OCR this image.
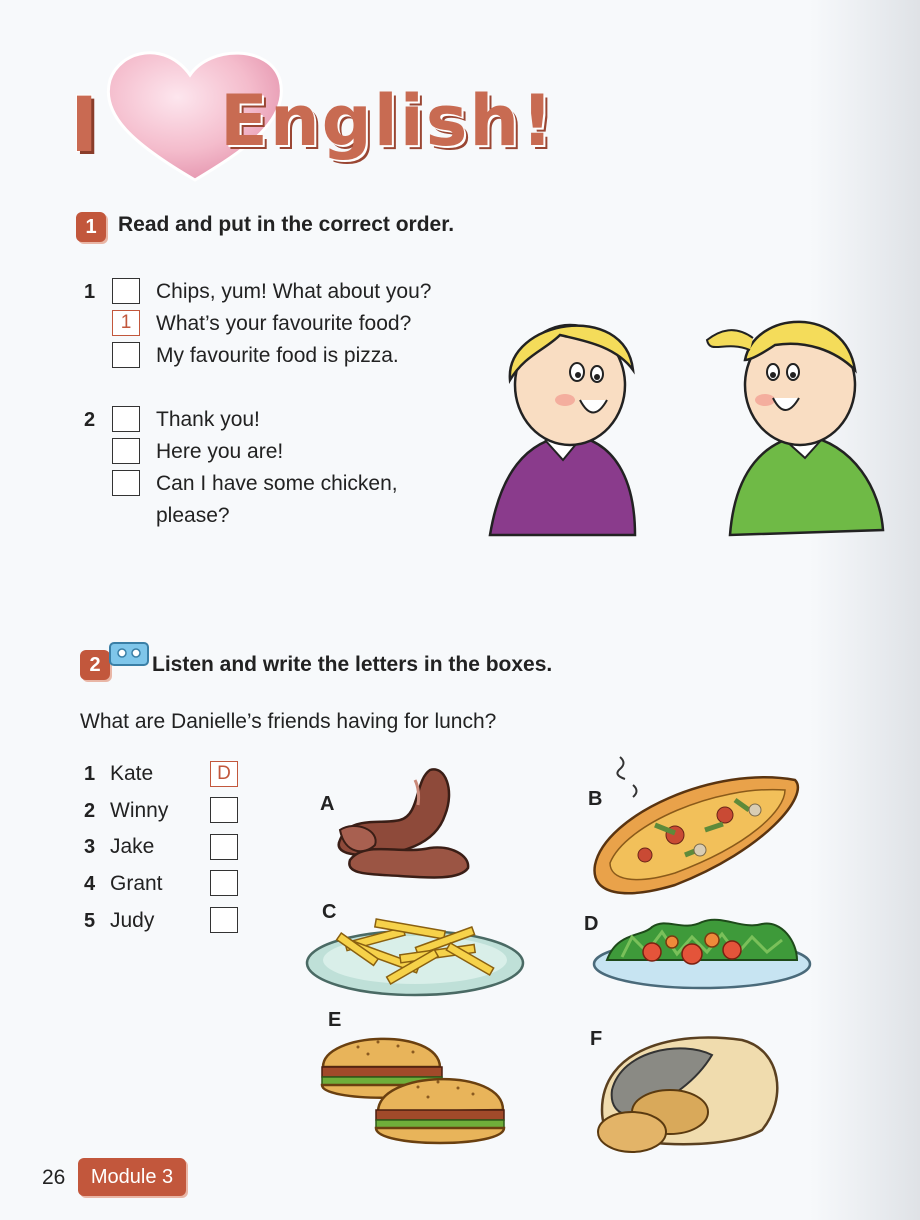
I English!
1	Read and put in the correct order.
1	Chips, yum! What about you?
1	What’s your favourite food?
My favourite food is pizza.
2	Thank you!
Here you are!
Can I have some chicken,
please?
2	Listen and write the letters in the boxes.
What are Danielle’s friends having for lunch?
1 Kate	D
2 Winny
3 Jake
4 Grant
5 Judy
A	B
C
D
E
F
26	Module 3
